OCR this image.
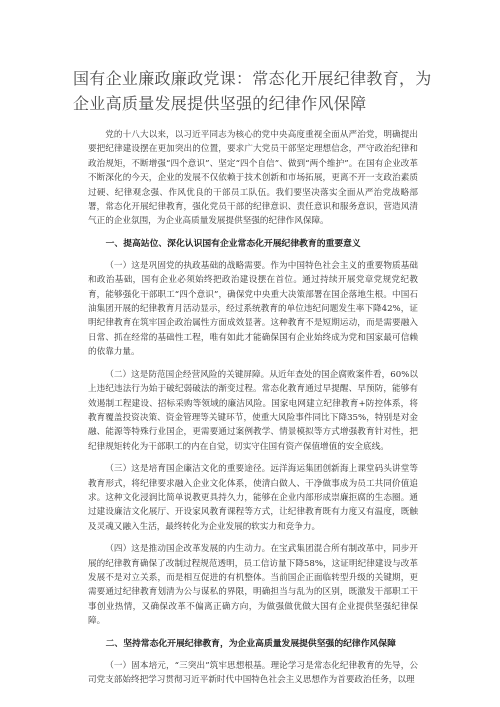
国有企业廉政廉政党课：常态化开展纪律教育，为企业高质量发展提供坚强的纪律作风保障

党的十八大以来，以习近平同志为核心的党中央高度重视全面从严治党，明确提出要把纪律建设摆在更加突出的位置，要求广大党员干部坚定理想信念，严守政治纪律和政治规矩，不断增强“四个意识”、坚定“四个自信”、做到“两个维护”。在国有企业改革不断深化的今天，企业的发展不仅依赖于技术创新和市场拓展，更离不开一支政治素质过硬、纪律观念强、作风优良的干部员工队伍。我们要坚决落实全面从严治党战略部署，常态化开展纪律教育，强化党员干部的纪律意识、责任意识和服务意识，营造风清气正的企业氛围，为企业高质量发展提供坚强的纪律作风保障。

一、提高站位、深化认识国有企业常态化开展纪律教育的重要意义

（一）这是巩固党的执政基础的战略需要。作为中国特色社会主义的重要物质基础和政治基础，国有企业必须始终把政治建设摆在首位。通过持续开展党章党规党纪教育，能够强化干部职工“四个意识”，确保党中央重大决策部署在国企落地生根。中国石油集团开展的纪律教育月活动显示，经过系统教育的单位违纪问题发生率下降42%，证明纪律教育在筑牢国企政治属性方面成效显著。这种教育不是短期运动，而是需要融入日常、抓在经常的基础性工程，唯有如此才能确保国有企业始终成为党和国家最可信赖的依靠力量。

（二）这是防范国企经营风险的关键屏障。从近年查处的国企腐败案件看，60%以上违纪违法行为始于破纪弱破法的渐变过程。常态化教育通过早提醒、早预防，能够有效遏制工程建设、招标采购等领域的廉洁风险。国家电网建立纪律教育+防控体系，将教育覆盖投资决策、资金管理等关键环节，使重大风险事件同比下降35%，特别是对金融、能源等特殊行业国企，更需要通过案例教学、情景模拟等方式增强教育针对性，把纪律规矩转化为干部职工的内在自觉，切实守住国有资产保值增值的安全底线。

（三）这是培育国企廉洁文化的重要途径。远洋海运集团创新海上课堂码头讲堂等教育形式，将纪律要求融入企业文化体系，使清白做人、干净做事成为员工共同价值追求。这种文化浸润比简单说教更具持久力，能够在企业内部形成崇廉拒腐的生态圈。通过建设廉洁文化展厅、开设家风教育课程等方式，让纪律教育既有力度又有温度，既触及灵魂又融入生活，最终转化为企业发展的软实力和竞争力。

（四）这是推动国企改革发展的内生动力。在宝武集团混合所有制改革中，同步开展的纪律教育确保了改制过程规范透明，员工信访量下降58%，这证明纪律建设与改革发展不是对立关系，而是相互促进的有机整体。当前国企正面临转型升级的关键期，更需要通过纪律教育划清为公与谋私的界限，明确担当与乱为的区别，既激发干部职工干事创业热情，又确保改革不偏离正确方向，为做强做优做大国有企业提供坚强纪律保障。

二、坚持常态化开展纪律教育，为企业高质量发展提供坚强的纪律作风保障

（一）固本培元，“三突出”筑牢思想根基。理论学习是常态化纪律教育的先导，公司党支部始终把学习贯彻习近平新时代中国特色社会主义思想作为首要政治任务，以理
